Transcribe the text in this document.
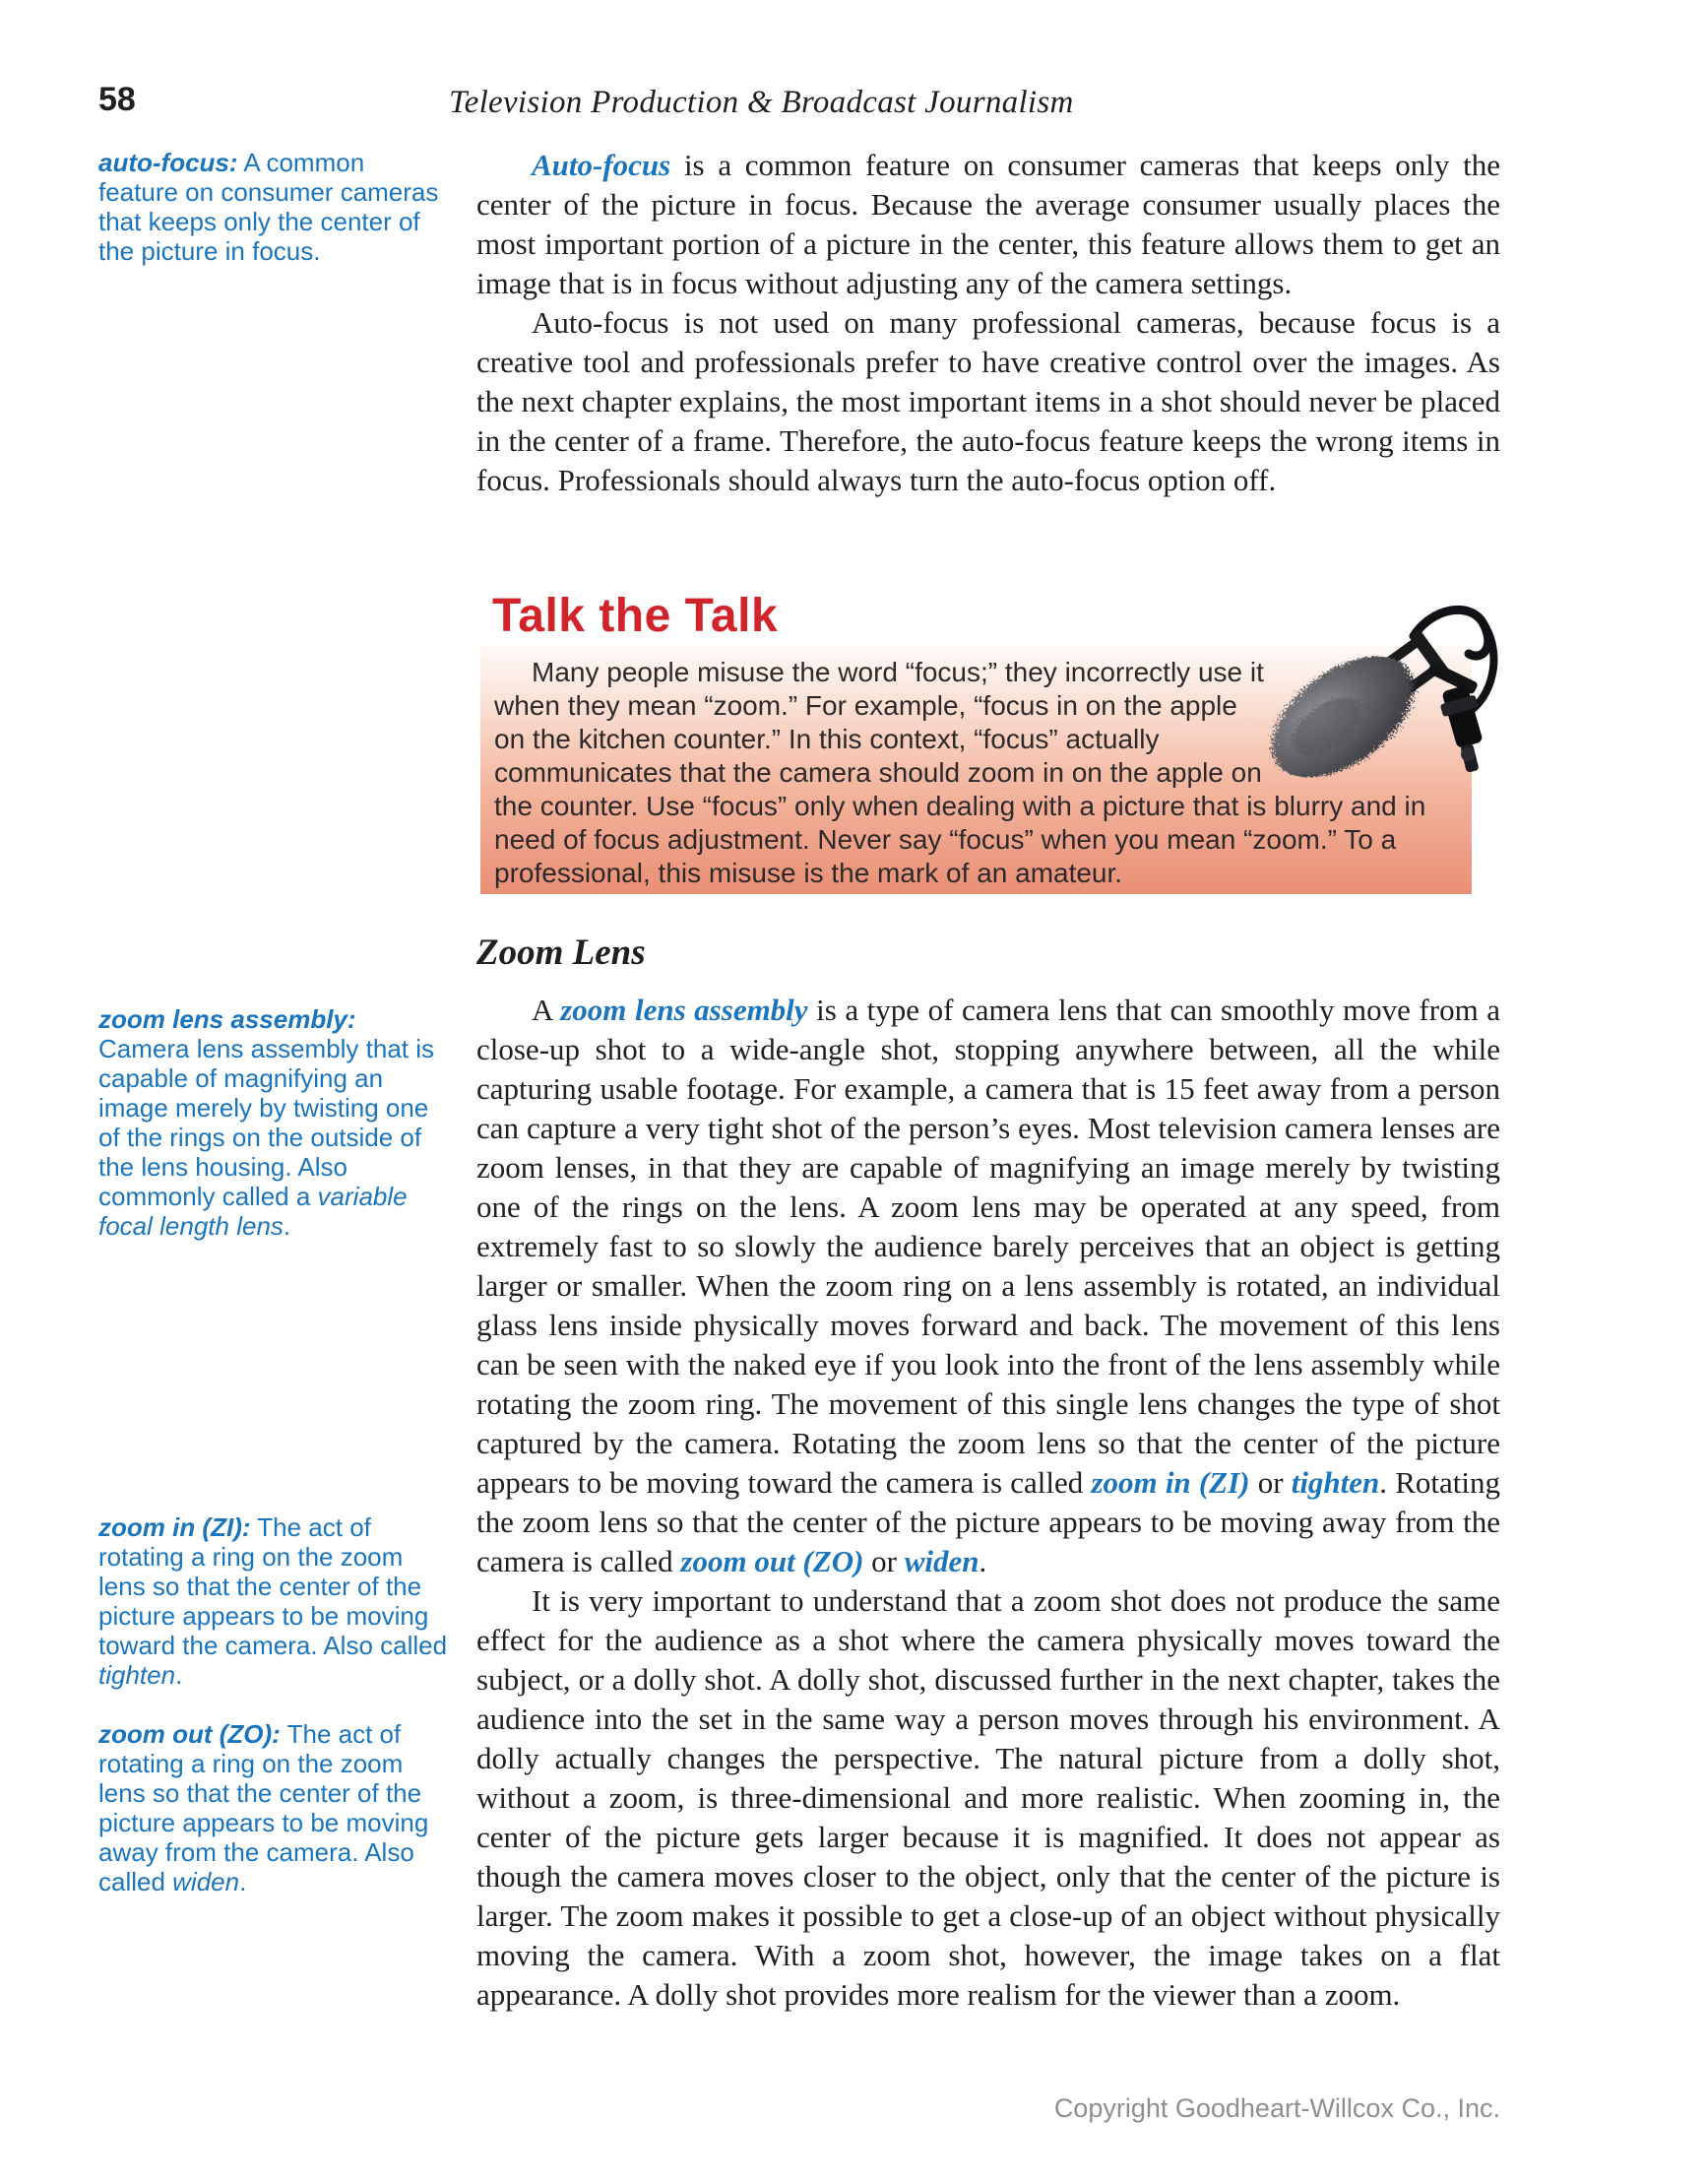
58	Television Production & Broadcast Journalism
auto-focus: A common feature on consumer cameras that keeps only the center of the picture in focus.
zoom lens assembly: Camera lens assembly that is capable of magnifying an image merely by twisting one of the rings on the outside of the lens housing. Also commonly called a variable focal length lens.
zoom in (ZI): The act of rotating a ring on the zoom lens so that the center of the picture appears to be moving toward the camera. Also called tighten.
zoom out (ZO): The act of rotating a ring on the zoom lens so that the center of the picture appears to be moving away from the camera. Also called widen.

Auto-focus is a common feature on consumer cameras that keeps only the center of the picture in focus. Because the average consumer usually places the most important portion of a picture in the center, this feature allows them to get an image that is in focus without adjusting any of the camera settings.

Auto-focus is not used on many professional cameras, because focus is a creative tool and professionals prefer to have creative control over the images. As the next chapter explains, the most important items in a shot should never be placed in the center of a frame. Therefore, the auto-focus feature keeps the wrong items in focus. Professionals should always turn the auto-focus option off.

Talk the Talk

Many people misuse the word “focus;” they incorrectly use it when they mean “zoom.” For example, “focus in on the apple on the kitchen counter.” In this context, “focus” actually communicates that the camera should zoom in on the apple on the counter. Use “focus” only when dealing with a picture that is blurry and in need of focus adjustment. Never say “focus” when you mean “zoom.” To a professional, this misuse is the mark of an amateur.

Zoom Lens

A zoom lens assembly is a type of camera lens that can smoothly move from a close-up shot to a wide-angle shot, stopping anywhere between, all the while capturing usable footage. For example, a camera that is 15 feet away from a person can capture a very tight shot of the person’s eyes. Most television camera lenses are zoom lenses, in that they are capable of magnifying an image merely by twisting one of the rings on the lens. A zoom lens may be operated at any speed, from extremely fast to so slowly the audience barely perceives that an object is getting larger or smaller. When the zoom ring on a lens assembly is rotated, an individual glass lens inside physically moves forward and back. The movement of this lens can be seen with the naked eye if you look into the front of the lens assembly while rotating the zoom ring. The movement of this single lens changes the type of shot captured by the camera. Rotating the zoom lens so that the center of the picture appears to be moving toward the camera is called zoom in (ZI) or tighten. Rotating the zoom lens so that the center of the picture appears to be moving away from the camera is called zoom out (ZO) or widen.

It is very important to understand that a zoom shot does not produce the same effect for the audience as a shot where the camera physically moves toward the subject, or a dolly shot. A dolly shot, discussed further in the next chapter, takes the audience into the set in the same way a person moves through his environment. A dolly actually changes the perspective. The natural picture from a dolly shot, without a zoom, is three-dimensional and more realistic. When zooming in, the center of the picture gets larger because it is magnified. It does not appear as though the camera moves closer to the object, only that the center of the picture is larger. The zoom makes it possible to get a close-up of an object without physically moving the camera. With a zoom shot, however, the image takes on a flat appearance. A dolly shot provides more realism for the viewer than a zoom.

Copyright Goodheart-Willcox Co., Inc.
